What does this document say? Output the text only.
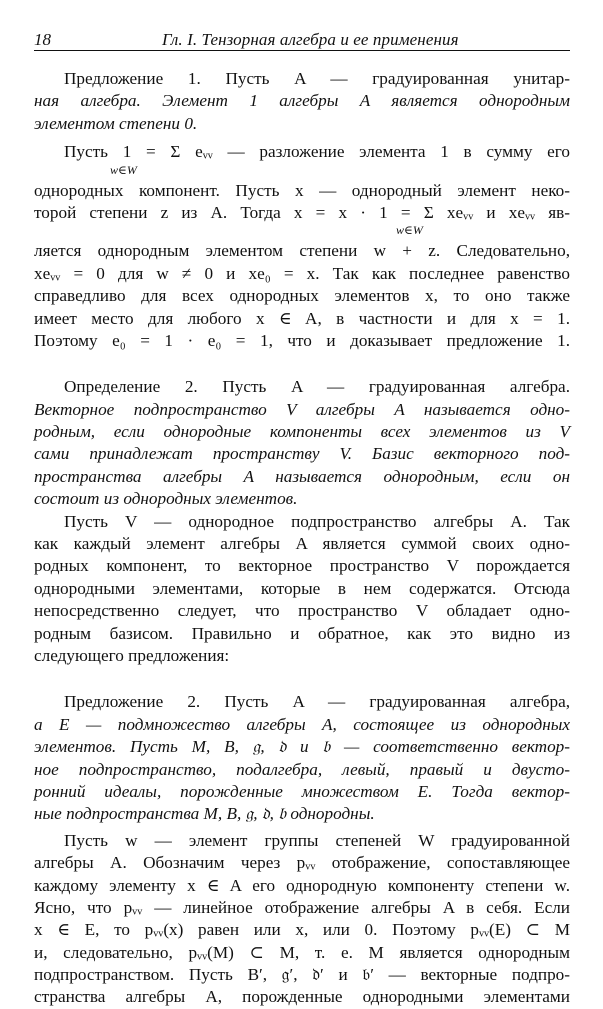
18	Гл. I. Тензорная алгебра и ее применения
Предложение 1. Пусть A — градуированная унитар-
ная алгебра. Элемент 1 алгебры A является однородным
элементом степени 0.
Пусть 1 = Σ eᵥᵥ — разложение элемента 1 в сумму его
w∈W
однородных компонент. Пусть x — однородный элемент неко-
торой степени z из A. Тогда x = x · 1 = Σ xeᵥᵥ и xeᵥᵥ яв-
w∈W
ляется однородным элементом степени w + z. Следовательно,
xeᵥᵥ = 0 для w ≠ 0 и xe₀ = x. Так как последнее равенство
справедливо для всех однородных элементов x, то оно также
имеет место для любого x ∈ A, в частности и для x = 1.
Поэтому e₀ = 1 · e₀ = 1, что и доказывает предложение 1.
Определение 2. Пусть A — градуированная алгебра.
Векторное подпространство V алгебры A называется одно-
родным, если однородные компоненты всех элементов из V
сами принадлежат пространству V. Базис векторного под-
пространства алгебры A называется однородным, если он
состоит из однородных элементов.
Пусть V — однородное подпространство алгебры A. Так
как каждый элемент алгебры A является суммой своих одно-
родных компонент, то векторное пространство V порождается
однородными элементами, которые в нем содержатся. Отсюда
непосредственно следует, что пространство V обладает одно-
родным базисом. Правильно и обратное, как это видно из
следующего предложения:
Предложение 2. Пусть A — градуированная алгебра,
a E — подмножество алгебры A, состоящее из однородных
элементов. Пусть M, B, 𝔤, 𝔡 и 𝔟 — соответственно вектор-
ное подпространство, подалгебра, левый, правый и двусто-
ронний идеалы, порожденные множеством E. Тогда вектор-
ные подпространства M, B, 𝔤, 𝔡, 𝔟 однородны.
Пусть w — элемент группы степеней W градуированной
алгебры A. Обозначим через pᵥᵥ отображение, сопоставляющее
каждому элементу x ∈ A его однородную компоненту степени w.
Ясно, что pᵥᵥ — линейное отображение алгебры A в себя. Если
x ∈ E, то pᵥᵥ(x) равен или x, или 0. Поэтому pᵥᵥ(E) ⊂ M
и, следовательно, pᵥᵥ(M) ⊂ M, т. е. M является однородным
подпространством. Пусть B′, 𝔤′, 𝔡′ и 𝔟′ — векторные подпро-
странства алгебры A, порожденные однородными элементами
